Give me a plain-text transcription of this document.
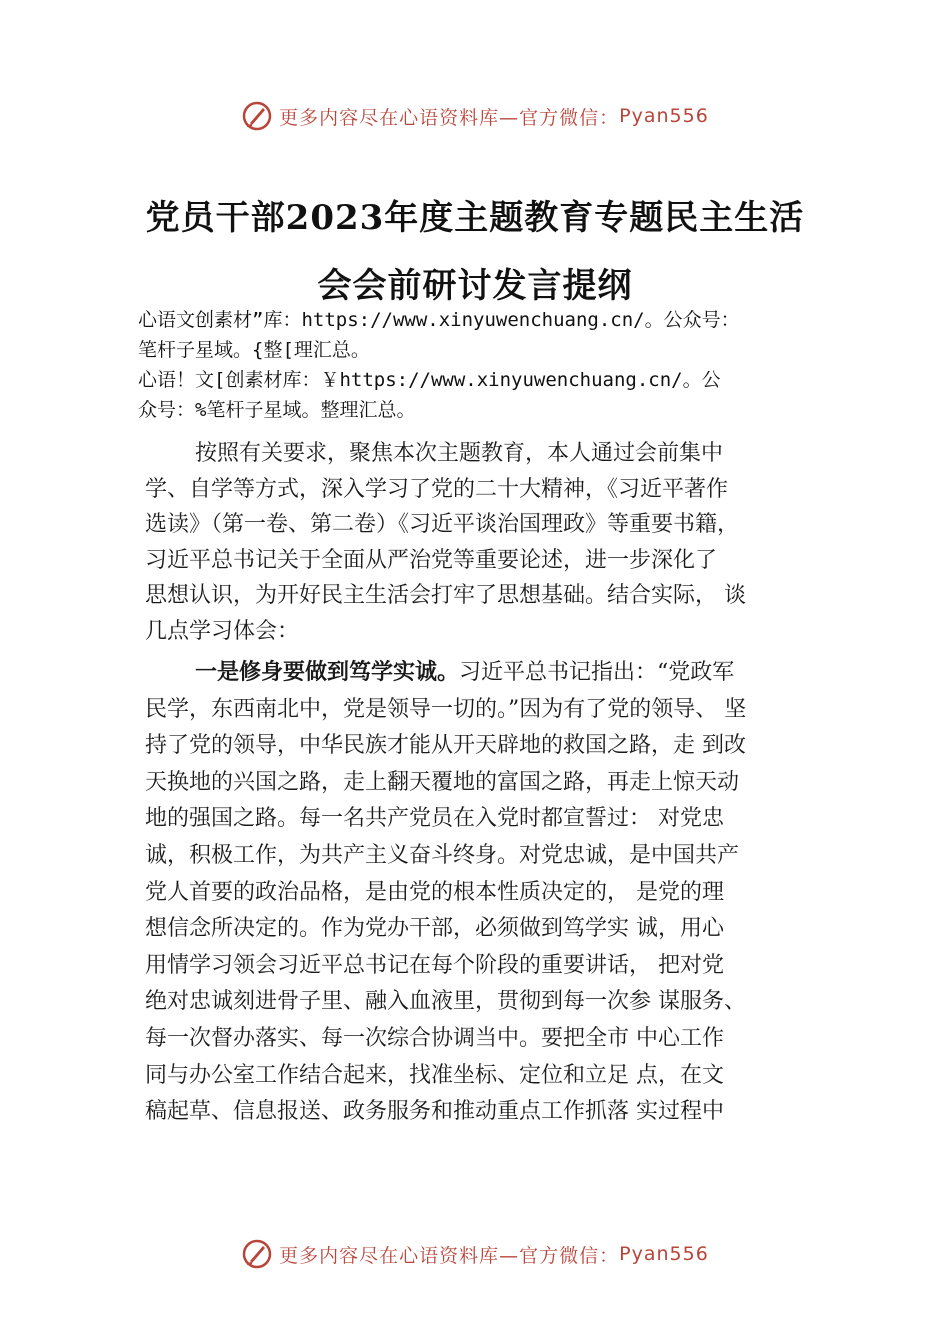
更多内容尽在心语资料库—官方微信： Pyan556
党员干部2023年度主题教育专题民主生活
会会前研讨发言提纲
心语文创素材”库：https://www.xinyuwenchuang.cn/。公众号：
笔杆子星域。{整[理汇总。
心语！文[创素材库：￥https://www.xinyuwenchuang.cn/。公
众号：%笔杆子星域。整理汇总。
按照有关要求，聚焦本次主题教育，本人通过会前集中
学、自学等方式，深入学习了党的二十大精神，《习近平著作
选读》（第一卷、第二卷）《习近平谈治国理政》等重要书籍，
习近平总书记关于全面从严治党等重要论述，进一步深化了
思想认识，为开好民主生活会打牢了思想基础。结合实际， 谈
几点学习体会：
一是修身要做到笃学实诚。习近平总书记指出：“党政军
民学，东西南北中，党是领导一切的。”因为有了党的领导、 坚
持了党的领导，中华民族才能从开天辟地的救国之路，走 到改
天换地的兴国之路，走上翻天覆地的富国之路，再走上惊天动
地的强国之路。每一名共产党员在入党时都宣誓过： 对党忠
诚，积极工作，为共产主义奋斗终身。对党忠诚，是中国共产
党人首要的政治品格，是由党的根本性质决定的， 是党的理
想信念所决定的。作为党办干部，必须做到笃学实 诚，用心
用情学习领会习近平总书记在每个阶段的重要讲话， 把对党
绝对忠诚刻进骨子里、融入血液里，贯彻到每一次参 谋服务、
每一次督办落实、每一次综合协调当中。要把全市 中心工作
同与办公室工作结合起来，找准坐标、定位和立足 点，在文
稿起草、信息报送、政务服务和推动重点工作抓落 实过程中
更多内容尽在心语资料库—官方微信： Pyan556
